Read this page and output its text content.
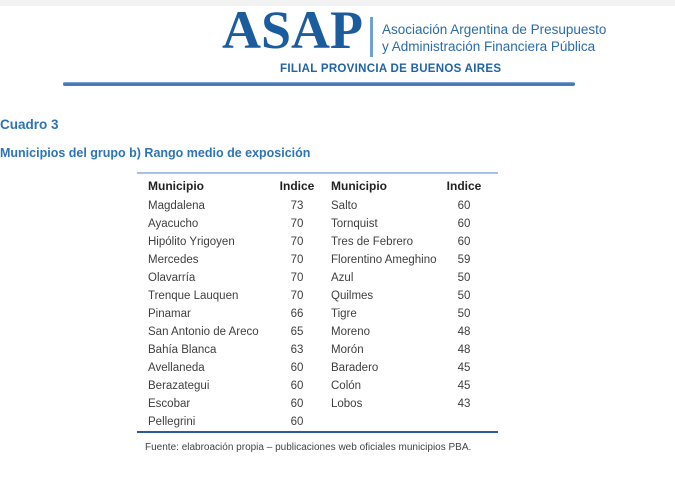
ASAP Asociación Argentina de Presupuesto
y Administración Financiera Pública
FILIAL PROVINCIA DE BUENOS AIRES
Cuadro 3
Municipios del grupo b) Rango medio de exposición
Municipio	Indice	Municipio	Indice
Magdalena	73	Salto	60
Ayacucho	70	Tornquist	60
Hipólito Yrigoyen	70	Tres de Febrero	60
Mercedes	70	Florentino Ameghino	59
Olavarría	70	Azul	50
Trenque Lauquen	70	Quilmes	50
Pinamar	66	Tigre	50
San Antonio de Areco	65	Moreno	48
Bahía Blanca	63	Morón	48
Avellaneda	60	Baradero	45
Berazategui	60	Colón	45
Escobar	60	Lobos	43
Pellegrini	60
Fuente: elabroación propia – publicaciones web oficiales municipios PBA.
